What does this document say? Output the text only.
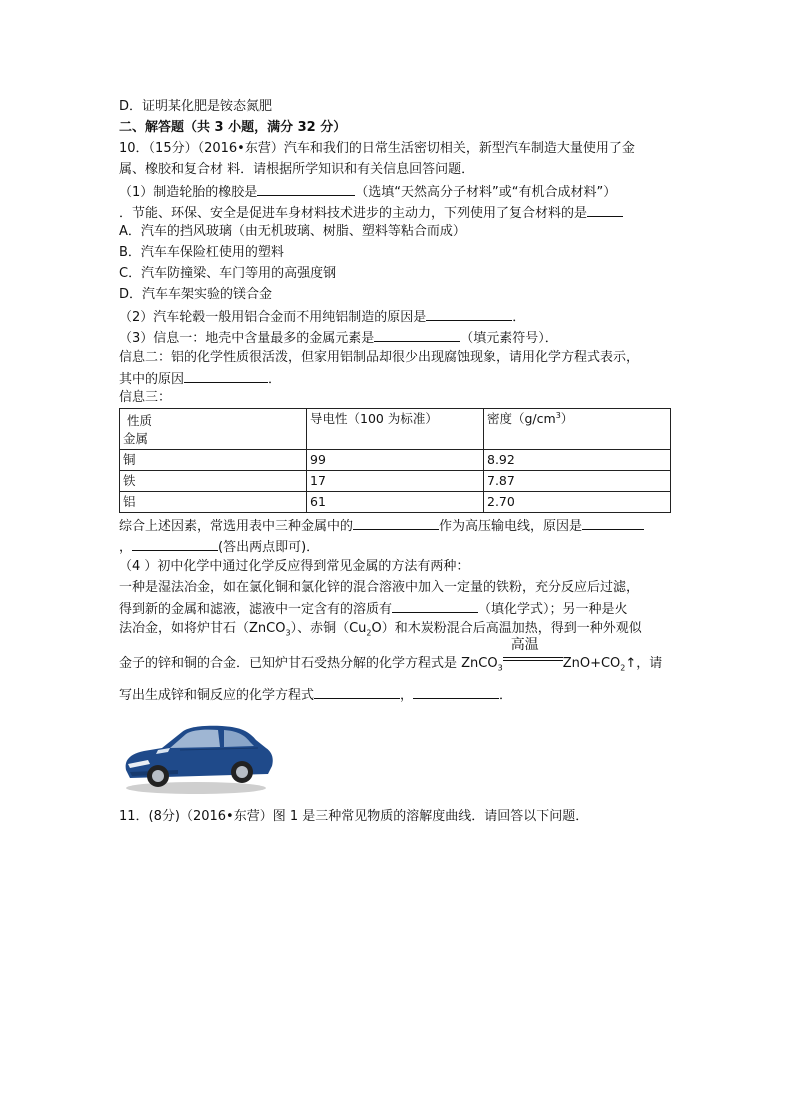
D．证明某化肥是铵态氮肥
二、解答题（共 3 小题，满分 32 分）
10．（15分）（2016•东营）汽车和我们的日常生活密切相关，新型汽车制造大量使用了金
属、橡胶和复合材 料．请根据所学知识和有关信息回答问题．
（1）制造轮胎的橡胶是	（选填“天然高分子材料”或“有机合成材料”）
．节能、环保、安全是促进车身材料技术进步的主动力，下列使用了复合材料的是
A．汽车的挡风玻璃（由无机玻璃、树脂、塑料等粘合而成）
B．汽车车保险杠使用的塑料
C．汽车防撞梁、车门等用的高强度钢
D．汽车车架实验的镁合金
（2）汽车轮毂一般用铝合金而不用纯铝制造的原因是	．
（3）信息一：地壳中含量最多的金属元素是	（填元素符号）．
信息二：铝的化学性质很活泼，但家用铝制品却很少出现腐蚀现象，请用化学方程式表示，
其中的原因	．
信息三：
性质
金属	导电性（100 为标准）	密度$(g/cm^3)$
铜	99	8.92
铁	17	7.87
铝	61	2.70
综合上述因素，常选用表中三种金属中的	作为高压输电线，原因是
，	(答出两点即可)．
（4 ）初中化学中通过化学反应得到常见金属的方法有两种：
一种是湿法冶金，如在氯化铜和氯化锌的混合溶液中加入一定量的铁粉，充分反应后过滤，
得到新的金属和滤液，滤液中一定含有的溶质有	（填化学式）；另一种是火
法冶金，如将炉甘石（ZnCO$_3$）、赤铜$(Cu_2O)$和木炭粉混合后高温加热，得到一种外观似
金子的锌和铜的合金．已知炉甘石受热分解的化学方程式是 ZnCO$_3$
高温
$ZnO+CO_2↑$，请
写出生成锌和铜反应的化学方程式	，	．
11．(8分)（2016•东营）图 1 是三种常见物质的溶解度曲线．请回答以下问题．
